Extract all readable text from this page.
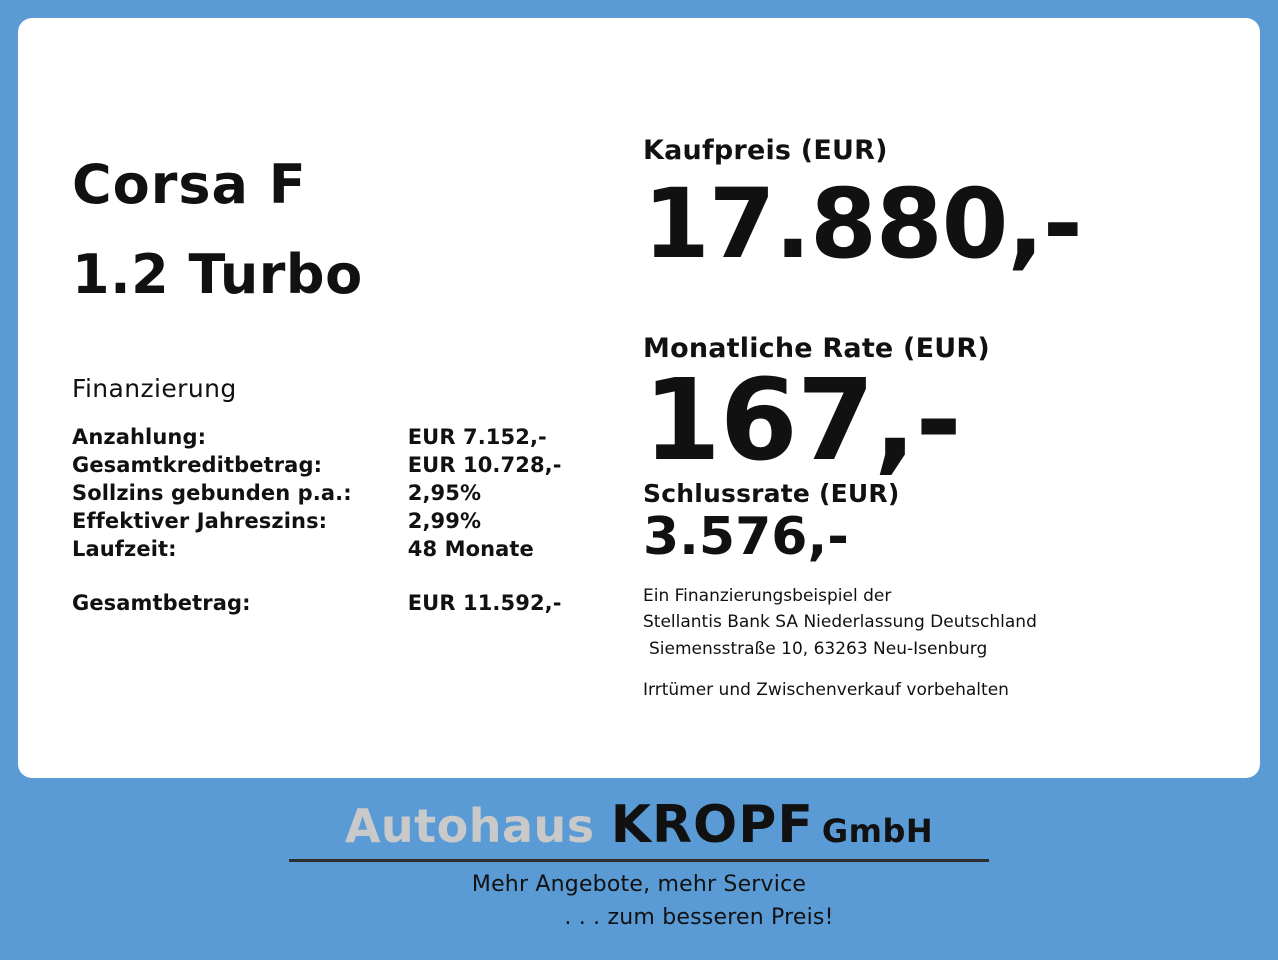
Corsa F
1.2 Turbo
Finanzierung
Anzahlung:	EUR 7.152,-
Gesamtkreditbetrag:	EUR 10.728,-
Sollzins gebunden p.a.:	2,95%
Effektiver Jahreszins:	2,99%
Laufzeit:	48 Monate

Gesamtbetrag:	EUR 11.592,-
Kaufpreis (EUR)
17.880,-
Monatliche Rate (EUR)
167,-
Schlussrate (EUR)
3.576,-
Ein Finanzierungsbeispiel der
Stellantis Bank SA Niederlassung Deutschland
Siemensstraße 10, 63263 Neu-Isenburg
Irrtümer und Zwischenverkauf vorbehalten
Autohaus KROPF GmbH
Mehr Angebote, mehr Service
. . . zum besseren Preis!
